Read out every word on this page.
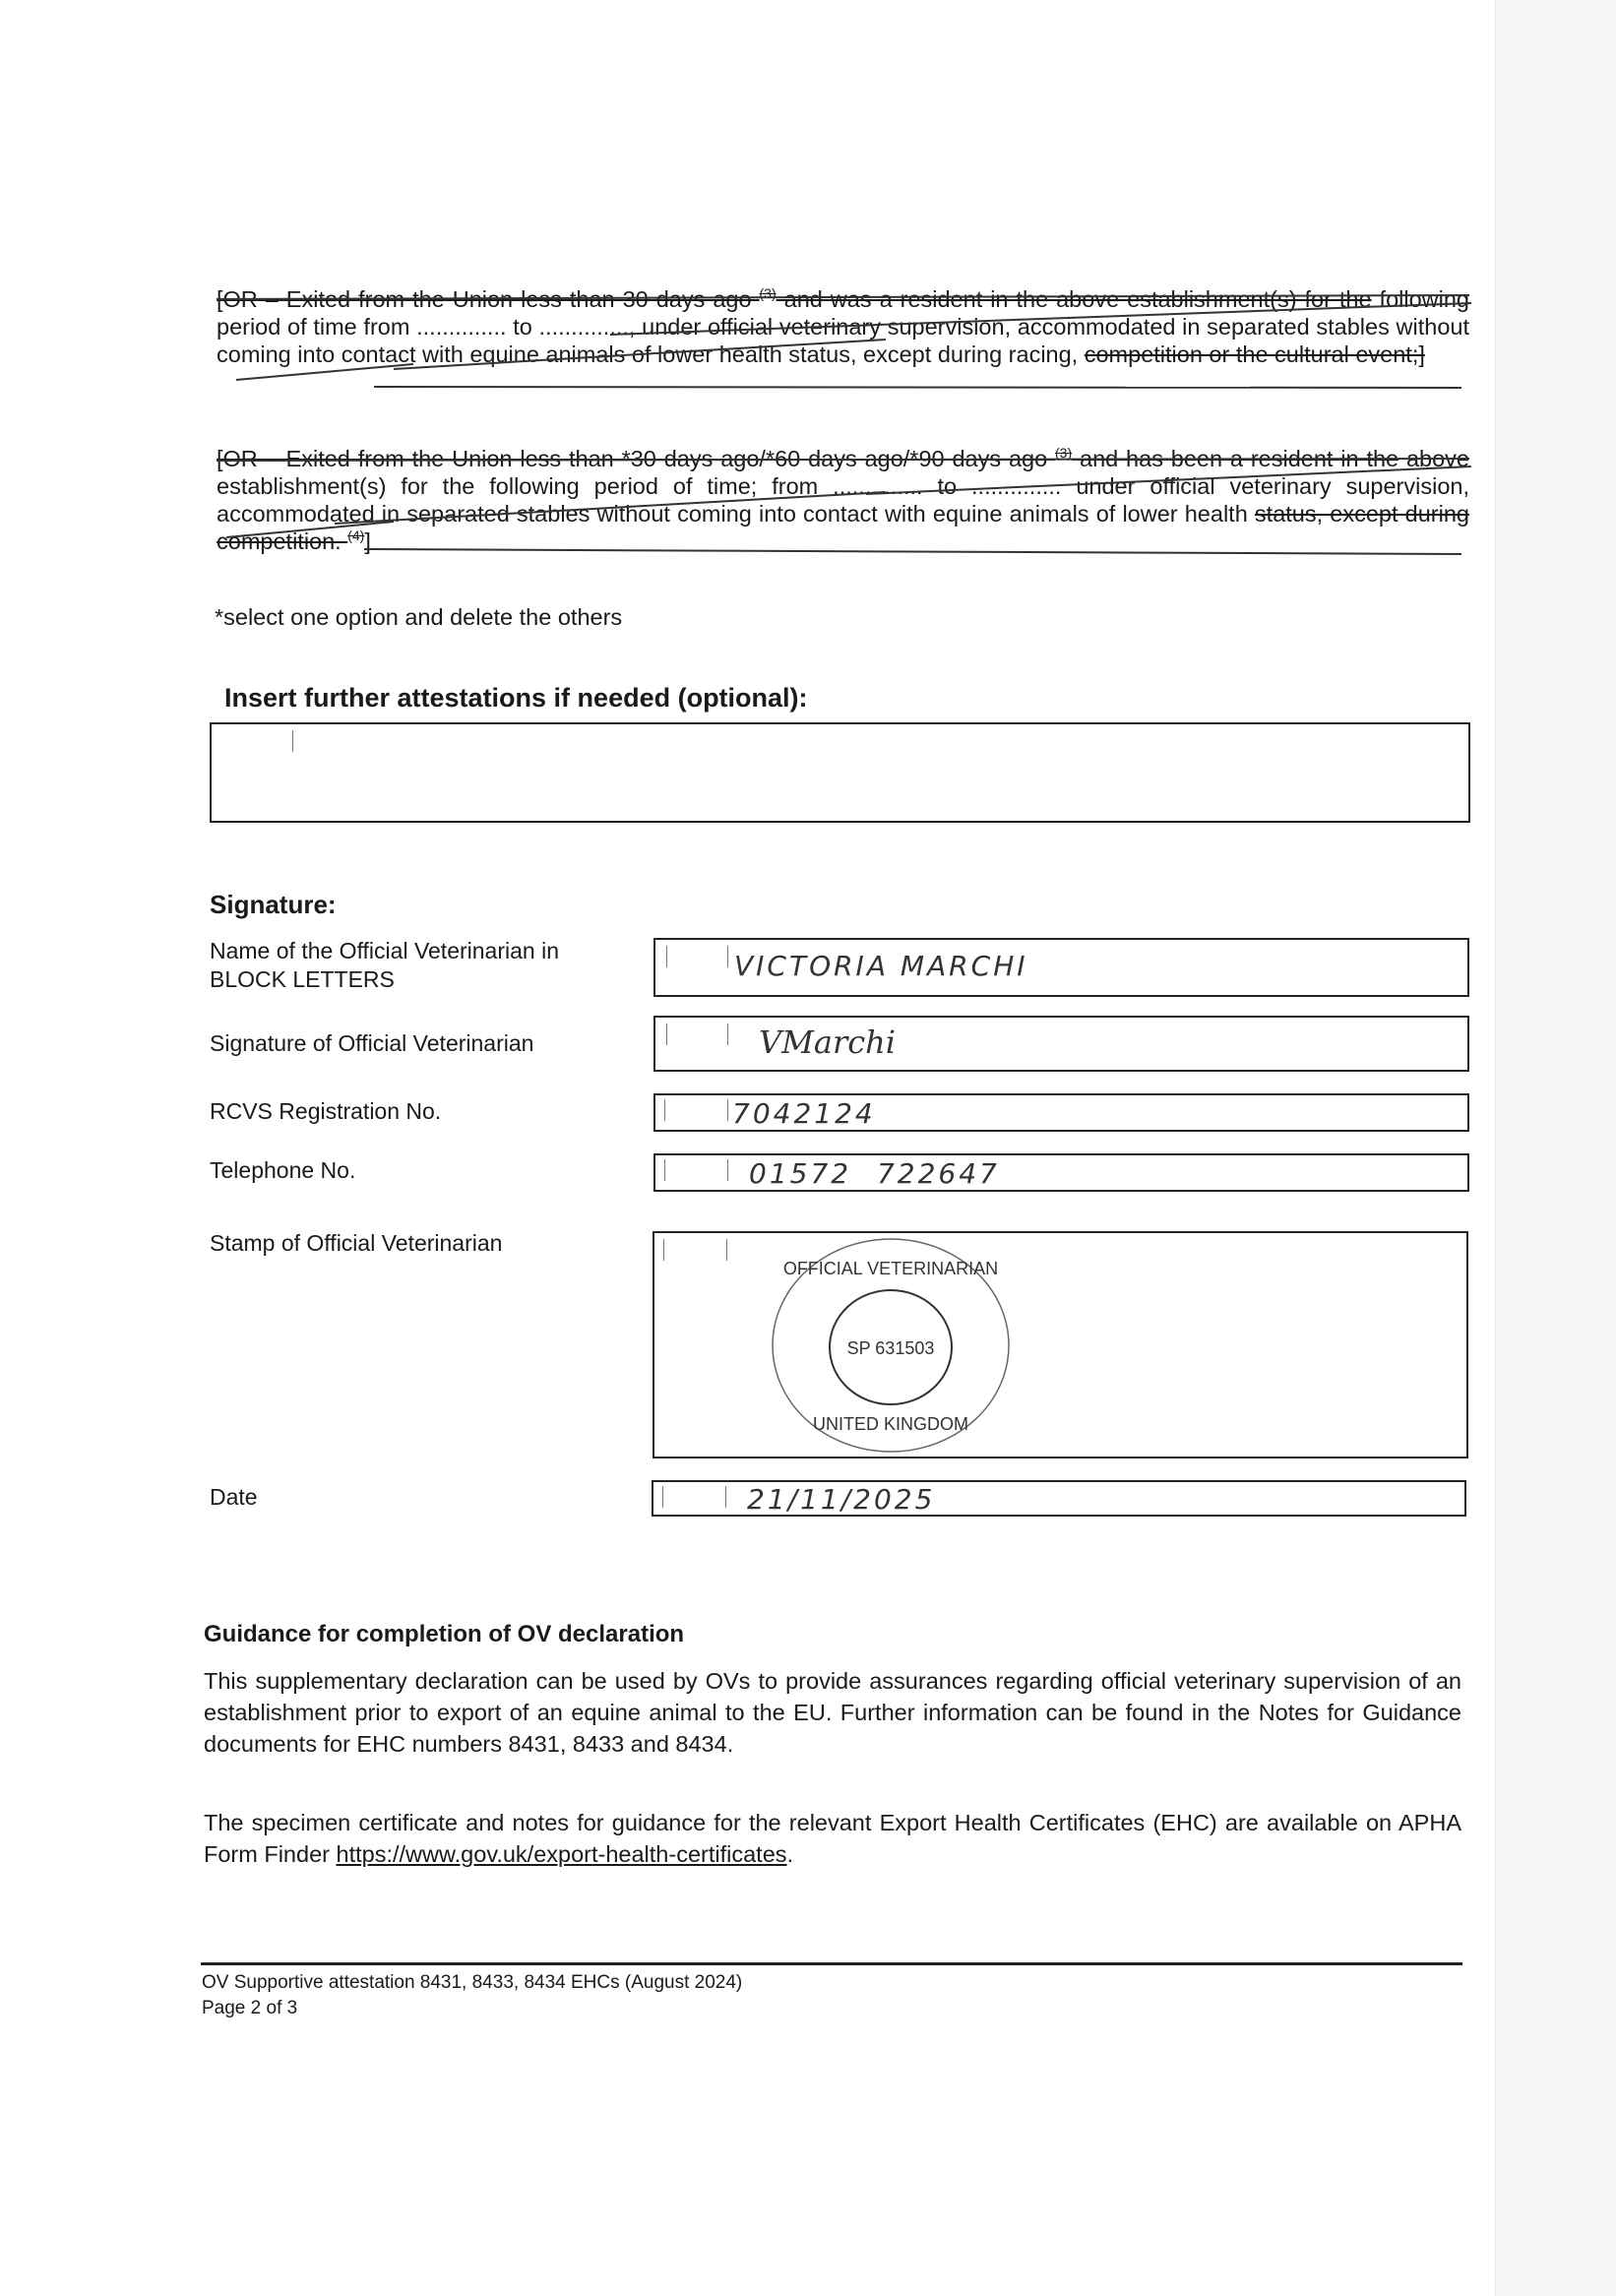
[OR – Exited from the Union less than 30 days ago $^{(3)}$ and was a resident in the above establishment(s) for the following period of time from .............. to .............., under official veterinary supervision, accommodated in separated stables without coming into contact with equine animals of lower health status, except during racing, competition or the cultural event;]
[OR – Exited from the Union less than *30 days ago/*60 days ago/*90 days ago $^{(3)}$ and has been a resident in the above establishment(s) for the following period of time; from .............. to .............. under official veterinary supervision, accommodated in separated stables without coming into contact with equine animals of lower health status, except during competition. $^{(4)}$]
*select one option and delete the others
Insert further attestations if needed (optional):
Signature:
Name of the Official Veterinarian in BLOCK LETTERS	VICTORIA MARCHI
Signature of Official Veterinarian	VMarchi
RCVS Registration No.	7042124
Telephone No.	01572 722647
Stamp of Official Veterinarian
OFFICIAL VETERINARIAN
SP 631503
UNITED KINGDOM
Date	21/11/2025
Guidance for completion of OV declaration
This supplementary declaration can be used by OVs to provide assurances regarding official veterinary supervision of an establishment prior to export of an equine animal to the EU. Further information can be found in the Notes for Guidance documents for EHC numbers 8431, 8433 and 8434.
The specimen certificate and notes for guidance for the relevant Export Health Certificates (EHC) are available on APHA Form Finder https://www.gov.uk/export-health-certificates.
OV Supportive attestation 8431, 8433, 8434 EHCs (August 2024)
Page 2 of 3
